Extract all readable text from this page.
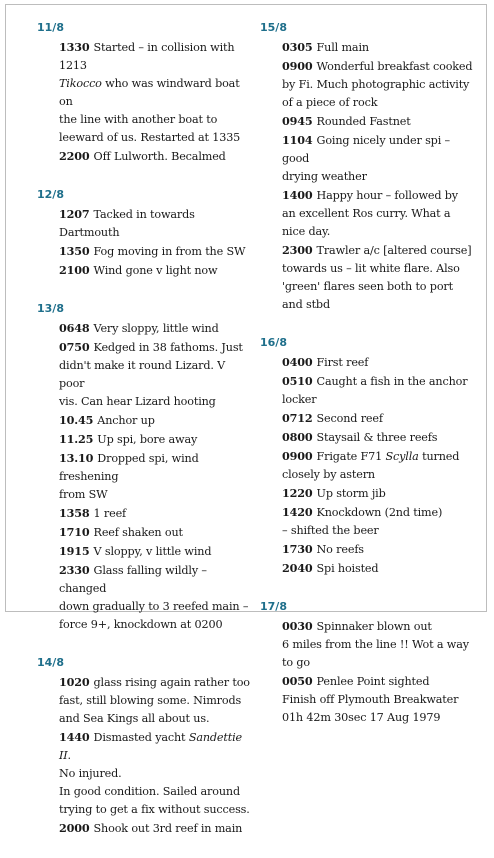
11/8
1330 Started – in collision with 1213
Tikocco who was windward boat on
the line with another boat to
leeward of us. Restarted at 1335
2200 Off Lulworth. Becalmed
12/8
1207 Tacked in towards Dartmouth
1350 Fog moving in from the SW
2100 Wind gone v light now
13/8
0648 Very sloppy, little wind
0750 Kedged in 38 fathoms. Just
didn't make it round Lizard. V poor
vis. Can hear Lizard hooting
10.45 Anchor up
11.25 Up spi, bore away
13.10 Dropped spi, wind freshening
from SW
1358 1 reef
1710 Reef shaken out
1915 V sloppy, v little wind
2330 Glass falling wildly – changed
down gradually to 3 reefed main –
force 9+, knockdown at 0200
14/8
1020 glass rising again rather too
fast, still blowing some. Nimrods
and Sea Kings all about us.
1440 Dismasted yacht Sandettie II.
No injured.
In good condition. Sailed around
trying to get a fix without success.
2000 Shook out 3rd reef in main
15/8
0305 Full main
0900 Wonderful breakfast cooked
by Fi. Much photographic activity
of a piece of rock
0945 Rounded Fastnet
1104 Going nicely under spi – good
drying weather
1400 Happy hour – followed by
an excellent Ros curry. What a
nice day.
2300 Trawler a/c [altered course]
towards us – lit white flare. Also
'green' flares seen both to port
and stbd
16/8
0400 First reef
0510 Caught a fish in the anchor
locker
0712 Second reef
0800 Staysail & three reefs
0900 Frigate F71 Scylla turned
closely by astern
1220 Up storm jib
1420 Knockdown (2nd time)
– shifted the beer
1730 No reefs
2040 Spi hoisted
17/8
0030 Spinnaker blown out
6 miles from the line !! Wot a way
to go
0050 Penlee Point sighted
Finish off Plymouth Breakwater
01h 42m 30sec 17 Aug 1979
